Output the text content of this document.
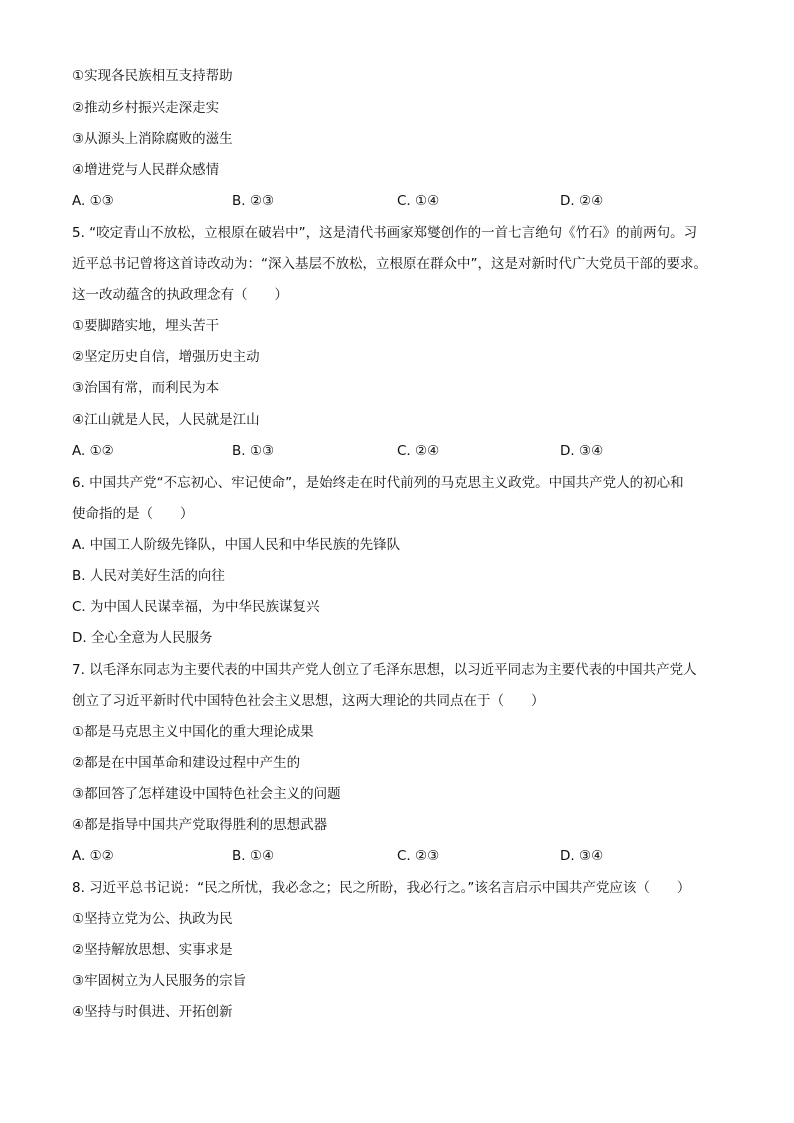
①实现各民族相互支持帮助
②推动乡村振兴走深走实
③从源头上消除腐败的滋生
④增进党与人民群众感情
A. ①③	B. ②③	C. ①④	D. ②④
5. “咬定青山不放松，立根原在破岩中”，这是清代书画家郑燮创作的一首七言绝句《竹石》的前两句。习
近平总书记曾将这首诗改动为：“深入基层不放松，立根原在群众中”，这是对新时代广大党员干部的要求。
这一改动蕴含的执政理念有（　　）
①要脚踏实地，埋头苦干
②坚定历史自信，增强历史主动
③治国有常，而利民为本
④江山就是人民，人民就是江山
A. ①②	B. ①③	C. ②④	D. ③④
6. 中国共产党“不忘初心、牢记使命”，是始终走在时代前列的马克思主义政党。中国共产党人的初心和
使命指的是（　　）
A. 中国工人阶级先锋队，中国人民和中华民族的先锋队
B. 人民对美好生活的向往
C. 为中国人民谋幸福，为中华民族谋复兴
D. 全心全意为人民服务
7. 以毛泽东同志为主要代表的中国共产党人创立了毛泽东思想，以习近平同志为主要代表的中国共产党人
创立了习近平新时代中国特色社会主义思想，这两大理论的共同点在于（　　）
①都是马克思主义中国化的重大理论成果
②都是在中国革命和建设过程中产生的
③都回答了怎样建设中国特色社会主义的问题
④都是指导中国共产党取得胜利的思想武器
A. ①②	B. ①④	C. ②③	D. ③④
8. 习近平总书记说：“民之所忧，我必念之；民之所盼，我必行之。”该名言启示中国共产党应该（　　）
①坚持立党为公、执政为民
②坚持解放思想、实事求是
③牢固树立为人民服务的宗旨
④坚持与时俱进、开拓创新
